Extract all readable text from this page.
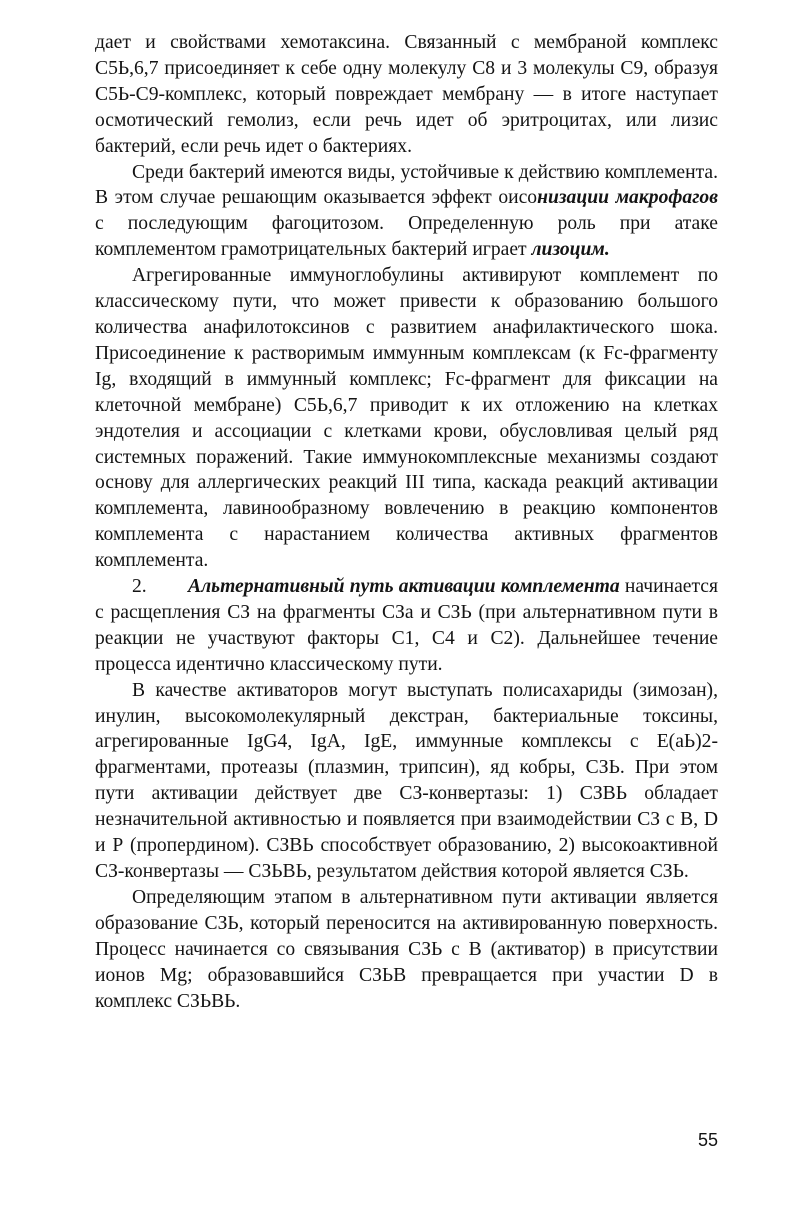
дает и свойствами хемотаксина. Связанный с мембраной комплекс С5Ь,6,7 присоединяет к себе одну молекулу С8 и 3 молекулы С9, образуя С5Ь-С9-комплекс, который повреждает мембрану — в итоге наступает осмотический гемолиз, если речь идет об эритроцитах, или лизис бактерий, если речь идет о бактериях.

Среди бактерий имеются виды, устойчивые к действию комплемента. В этом случае решающим оказывается эффект оисонизации макрофагов с последующим фагоцитозом. Определенную роль при атаке комплементом грамотрицательных бактерий играет лизоцим.

Агрегированные иммуноглобулины активируют комплемент по классическому пути, что может привести к образованию большого количества анафилотоксинов с развитием анафилактического шока. Присоединение к растворимым иммунным комплексам (к Fc-фрагменту Ig, входящий в иммунный комплекс; Fc-фрагмент для фиксации на клеточной мембране) С5Ь,6,7 приводит к их отложению на клетках эндотелия и ассоциации с клетками крови, обусловливая целый ряд системных поражений. Такие иммунокомплексные механизмы создают основу для аллергических реакций III типа, каскада реакций активации комплемента, лавинообразному вовлечению в реакцию компонентов комплемента с нарастанием количества активных фрагментов комплемента.

2. Альтернативный путь активации комплемента начинается с расщепления СЗ на фрагменты СЗа и СЗЬ (при альтернативном пути в реакции не участвуют факторы С1, С4 и С2). Дальнейшее течение процесса идентично классическому пути.

В качестве активаторов могут выступать полисахариды (зимозан), инулин, высокомолекулярный декстран, бактериальные токсины, агрегированные IgG4, IgA, IgE, иммунные комплексы с E(aЬ)2-фрагментами, протеазы (плазмин, трипсин), яд кобры, СЗЬ. При этом пути активации действует две СЗ-конвертазы: 1) СЗВЬ обладает незначительной активностью и появляется при взаимодействии СЗ с В, D и Р (пропердином). СЗВЬ способствует образованию, 2) высокоактивной СЗ-конвертазы — СЗЬВЬ, результатом действия которой является СЗЬ.

Определяющим этапом в альтернативном пути активации является образование СЗЬ, который переносится на активированную поверхность. Процесс начинается со связывания СЗЬ с В (активатор) в присутствии ионов Mg; образовавшийся СЗЬВ превращается при участии D в комплекс СЗЬВЬ.

55
